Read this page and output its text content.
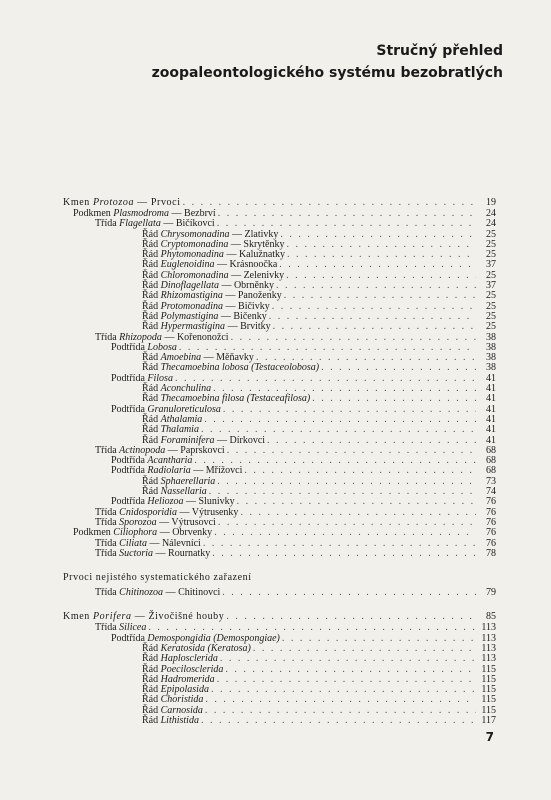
Stručný přehled
zoopaleontologického systému bezobratlých
Kmen Protozoa — Prvoci . . .	19
Podkmen Plasmodroma — Bezbrví . . .	24
Třída Flagellata — Bičíkovci . . .	24
Řád Chrysomonadina — Zlativky . . .	25
Řád Cryptomonadina — Skrytěnky . . .	25
Řád Phytomonadina — Kalužnatky . . .	25
Řád Euglenoidina — Krásnoočka . . .	37
Řád Chloromonadina — Zelenivky . . .	25
Řád Dinoflagellata — Obrněnky . . .	37
Řád Rhizomastigina — Panoženky . . .	25
Řád Protomonadina — Bičivky . . .	25
Řád Polymastigina — Bičenky . . .	25
Řád Hypermastigina — Brvitky . . .	25
Třída Rhizopoda — Kořenonožci . . .	38
Podtřída Lobosa . . .	38
Řád Amoebina — Měňavky . . .	38
Řád Thecamoebina lobosa (Testaceolobosa) . . .	38
Podtřída Filosa . . .	41
Řád Aconchulina . . .	41
Řád Thecamoebina filosa (Testaceafilosa) . . .	41
Podtřída Granuloreticulosa . . .	41
Řád Athalamia . . .	41
Řád Thalamia . . .	41
Řád Foraminifera — Dírkovci . . .	41
Třída Actinopoda — Paprskovci . . .	68
Podtřída Acantharia . . .	68
Podtřída Radiolaria — Mřížovci . . .	68
Řád Sphaerellaria . . .	73
Řád Nassellaria . . .	74
Podtřída Heliozoa — Slunivky . . .	76
Třída Cnidosporidia — Výtrusenky . . .	76
Třída Sporozoa — Výtrusovci . . .	76
Podkmen Ciliophora — Obrvenky . . .	76
Třída Ciliata — Nálevníci . . .	76
Třída Suctoria — Rournatky . . .	78
Prvoci nejistého systematického zařazení
Třída Chitinozoa — Chitinovci . . .	79
Kmen Porifera — Živočišné houby . . .	85
Třída Silicea . . .	113
Podtřída Demospongidia (Demospongiae) . . .	113
Řád Keratosida (Keratosa) . . .	113
Řád Haplosclerida . . .	113
Řád Poecilosclerida . . .	115
Řád Hadromerida . . .	115
Řád Epipolasida . . .	115
Řád Choristida . . .	115
Řád Carnosida . . .	115
Řád Lithistida . . .	117
7
